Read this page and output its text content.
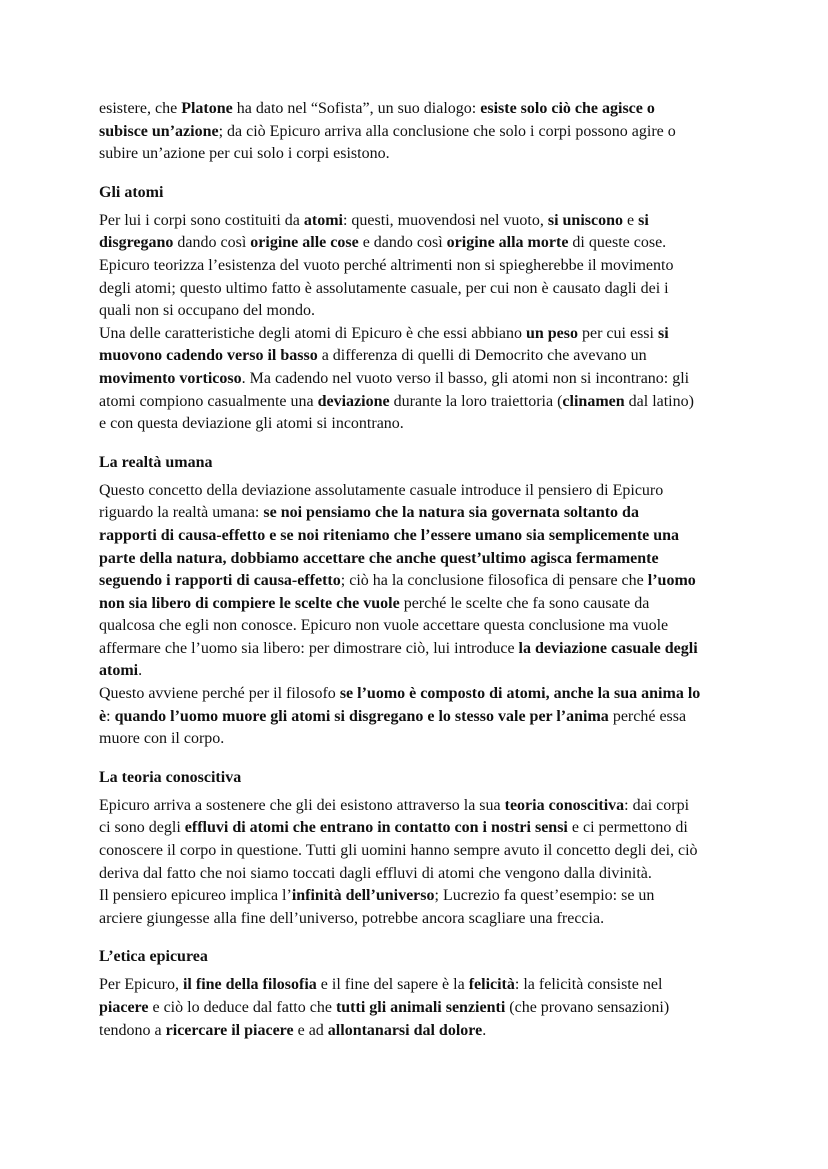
esistere, che Platone ha dato nel “Sofista”, un suo dialogo: esiste solo ciò che agisce o
subisce un’azione; da ciò Epicuro arriva alla conclusione che solo i corpi possono agire o
subire un’azione per cui solo i corpi esistono.
Gli atomi
Per lui i corpi sono costituiti da atomi: questi, muovendosi nel vuoto, si uniscono e si
disgregano dando così origine alle cose e dando così origine alla morte di queste cose.
Epicuro teorizza l’esistenza del vuoto perché altrimenti non si spiegherebbe il movimento
degli atomi; questo ultimo fatto è assolutamente casuale, per cui non è causato dagli dei i
quali non si occupano del mondo.
Una delle caratteristiche degli atomi di Epicuro è che essi abbiano un peso per cui essi si
muovono cadendo verso il basso a differenza di quelli di Democrito che avevano un
movimento vorticoso. Ma cadendo nel vuoto verso il basso, gli atomi non si incontrano: gli
atomi compiono casualmente una deviazione durante la loro traiettoria (clinamen dal latino)
e con questa deviazione gli atomi si incontrano.
La realtà umana
Questo concetto della deviazione assolutamente casuale introduce il pensiero di Epicuro
riguardo la realtà umana: se noi pensiamo che la natura sia governata soltanto da
rapporti di causa-effetto e se noi riteniamo che l’essere umano sia semplicemente una
parte della natura, dobbiamo accettare che anche quest’ultimo agisca fermamente
seguendo i rapporti di causa-effetto; ciò ha la conclusione filosofica di pensare che l’uomo
non sia libero di compiere le scelte che vuole perché le scelte che fa sono causate da
qualcosa che egli non conosce. Epicuro non vuole accettare questa conclusione ma vuole
affermare che l’uomo sia libero: per dimostrare ciò, lui introduce la deviazione casuale degli
atomi.
Questo avviene perché per il filosofo se l’uomo è composto di atomi, anche la sua anima lo
è: quando l’uomo muore gli atomi si disgregano e lo stesso vale per l’anima perché essa
muore con il corpo.
La teoria conoscitiva
Epicuro arriva a sostenere che gli dei esistono attraverso la sua teoria conoscitiva: dai corpi
ci sono degli effluvi di atomi che entrano in contatto con i nostri sensi e ci permettono di
conoscere il corpo in questione. Tutti gli uomini hanno sempre avuto il concetto degli dei, ciò
deriva dal fatto che noi siamo toccati dagli effluvi di atomi che vengono dalla divinità.
Il pensiero epicureo implica l’infinità dell’universo; Lucrezio fa quest’esempio: se un
arciere giungesse alla fine dell’universo, potrebbe ancora scagliare una freccia.
L’etica epicurea
Per Epicuro, il fine della filosofia e il fine del sapere è la felicità: la felicità consiste nel
piacere e ciò lo deduce dal fatto che tutti gli animali senzienti (che provano sensazioni)
tendono a ricercare il piacere e ad allontanarsi dal dolore.
